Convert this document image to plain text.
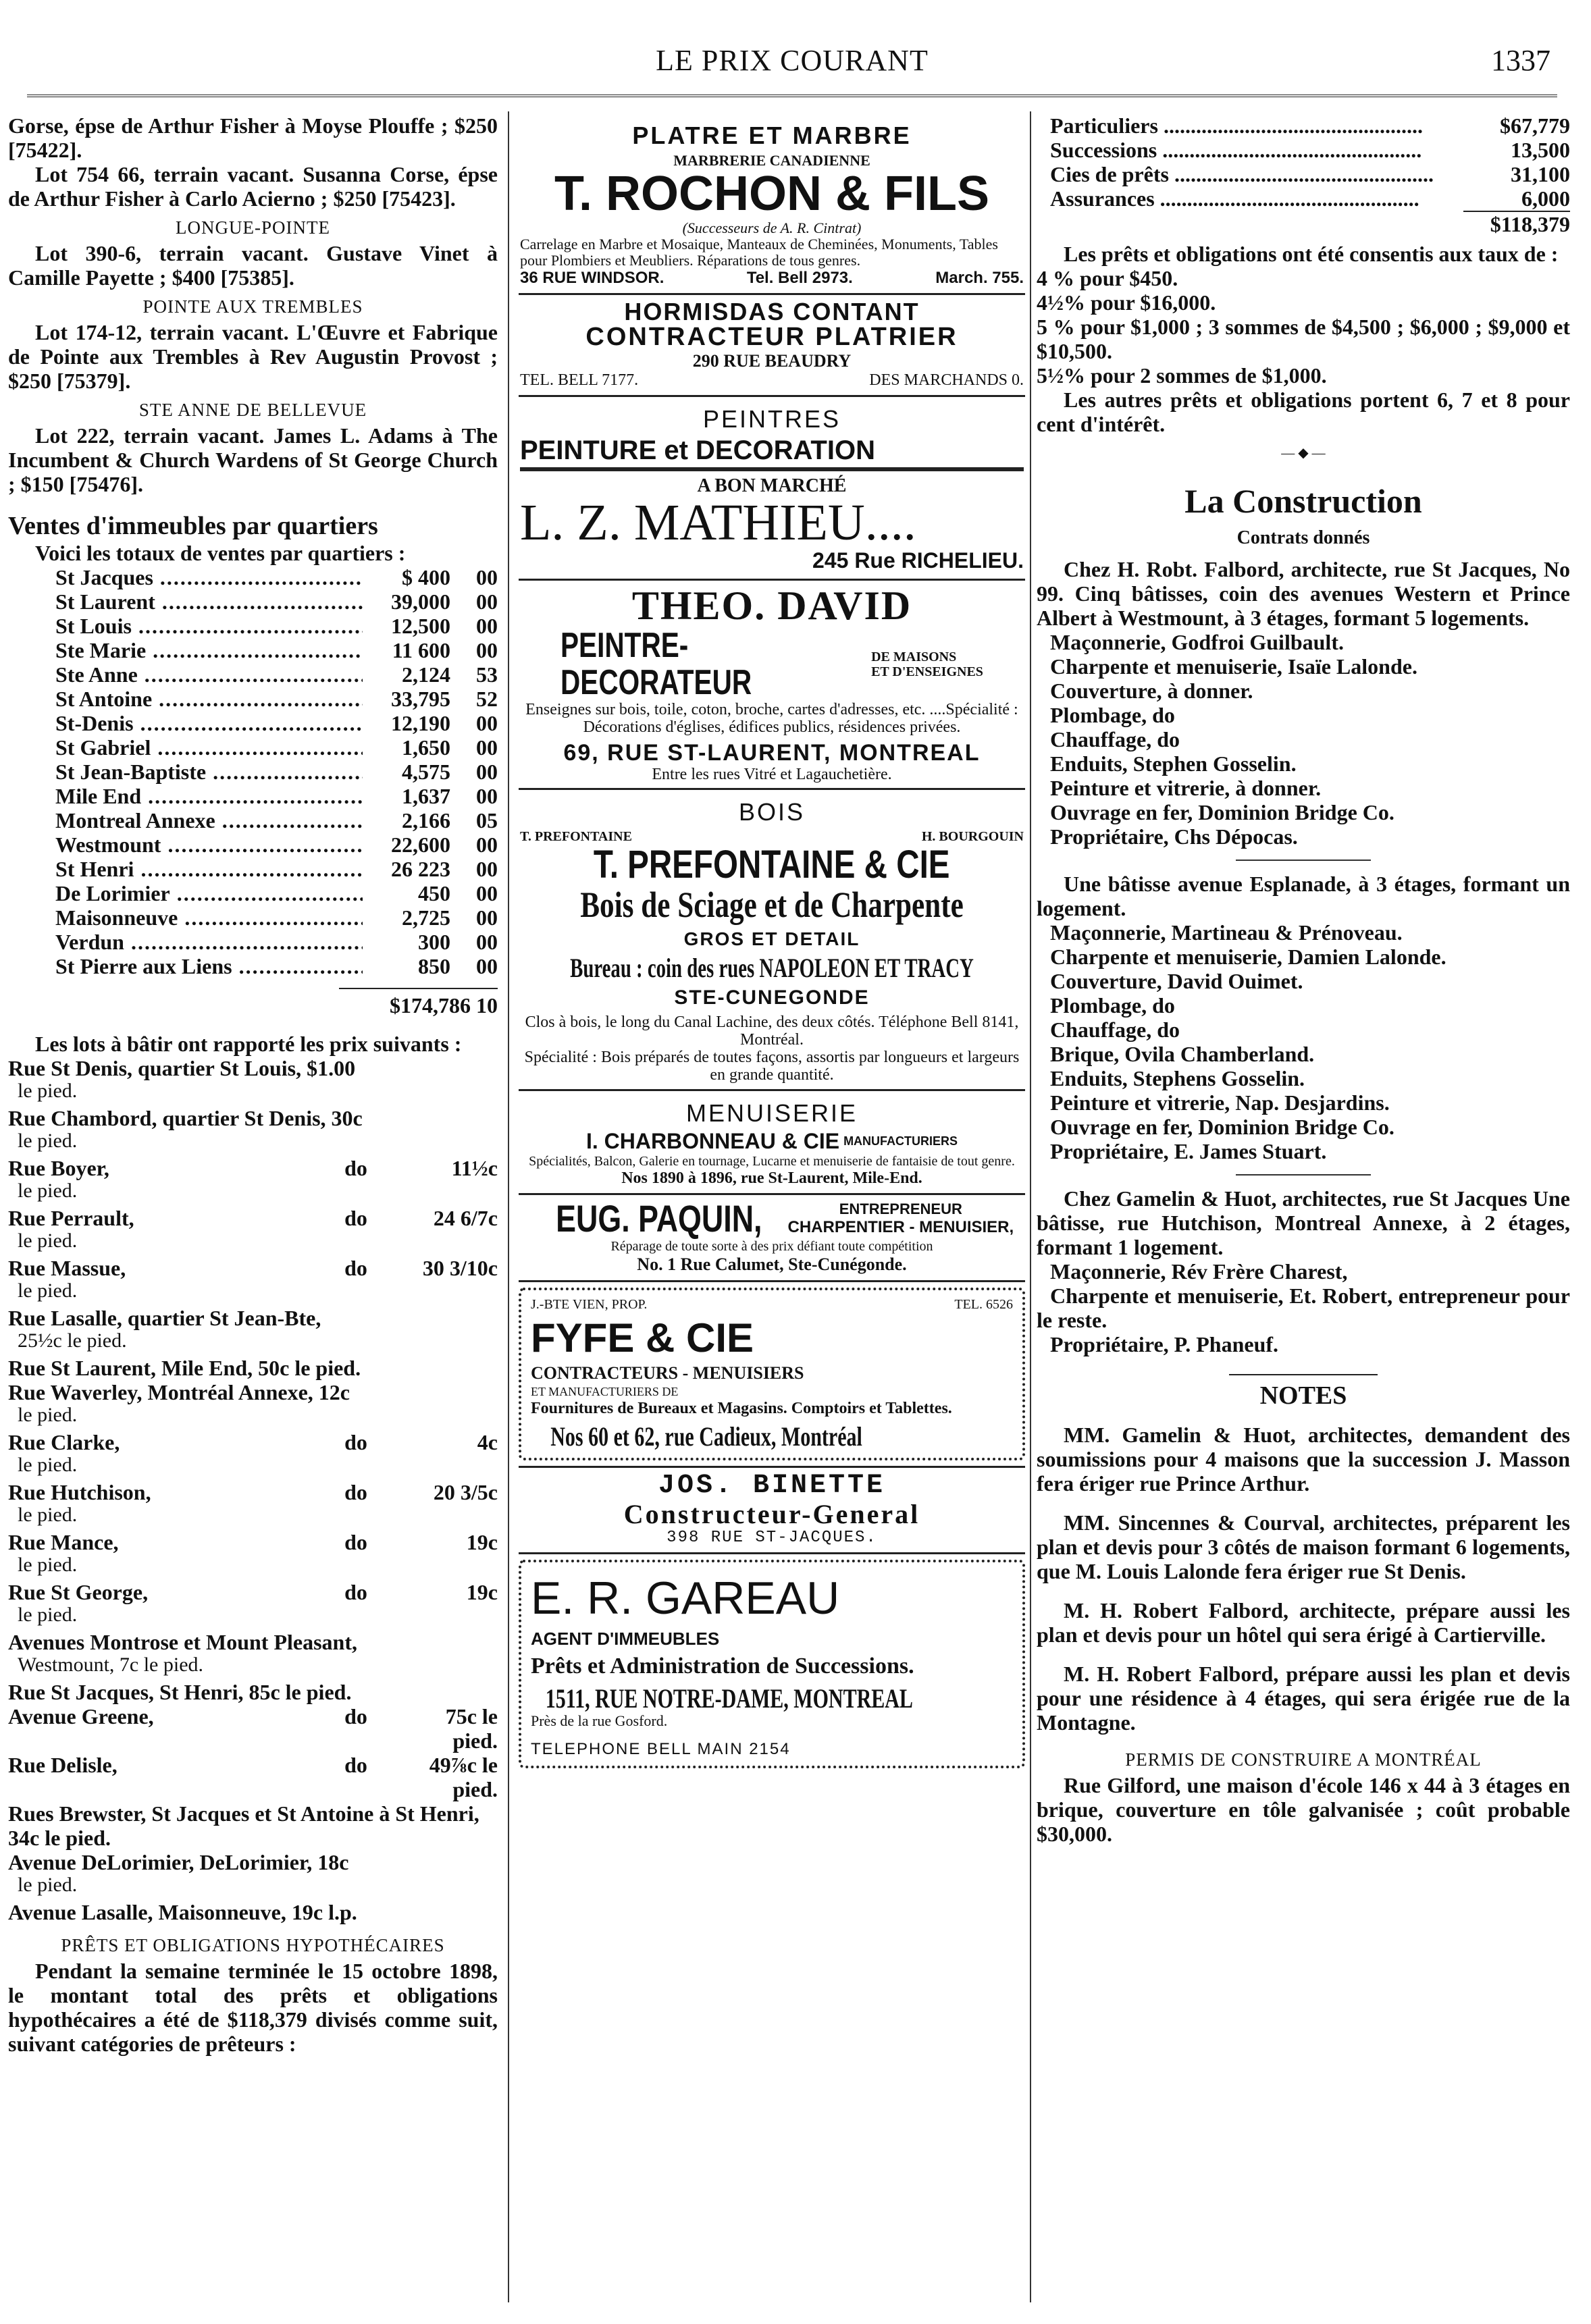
LE PRIX COURANT	1337

Gorse, épse de Arthur Fisher à Moyse Plouffe ; $250 [75422].

Lot 754 66, terrain vacant. Susanna Corse, épse de Arthur Fisher à Carlo Acierno ; $250 [75423].

LONGUE-POINTE

Lot 390-6, terrain vacant. Gustave Vinet à Camille Payette ; $400 [75385].

POINTE AUX TREMBLES

Lot 174-12, terrain vacant. L'Œuvre et Fabrique de Pointe aux Trembles à Rev Augustin Provost ; $250 [75379].

STE ANNE DE BELLEVUE

Lot 222, terrain vacant. James L. Adams à The Incumbent & Church Wardens of St George Church ; $150 [75476].

Ventes d'immeubles par quartiers

Voici les totaux de ventes par quartiers :

St Jacques .....	$ 400	00
St Laurent .....	39,000	00
St Louis .....	12,500	00
Ste Marie .....	11 600	00
Ste Anne .....	2,124	53
St Antoine .....	33,795	52
St-Denis .....	12,190	00
St Gabriel .....	1,650	00
St Jean-Baptiste .....	4,575	00
Mile End .....	1,637	00
Montreal Annexe .....	2,166	05
Westmount .....	22,600	00
St Henri .....	26 223	00
De Lorimier .....	450	00
Maisonneuve .....	2,725	00
Verdun .....	300	00
St Pierre aux Liens .....	850	00
$174,786 10

Les lots à bâtir ont rapporté les prix suivants :

Rue St Denis, quartier St Louis, $1.00
le pied.
Rue Chambord, quartier St Denis, 30c
le pied.
Rue Boyer,	do	11½c
le pied.
Rue Perrault,	do	24 6/7c
le pied.
Rue Massue,	do	30 3/10c
le pied.
Rue Lasalle, quartier St Jean-Bte,
25½c le pied.
Rue St Laurent, Mile End, 50c le pied.
Rue Waverley, Montréal Annexe, 12c
le pied.
Rue Clarke,	do	4c
le pied.
Rue Hutchison,	do	20 3/5c
le pied.
Rue Mance,	do	19c
le pied.
Rue St George,	do	19c
le pied.
Avenues Montrose et Mount Pleasant,
Westmount, 7c le pied.
Rue St Jacques, St Henri, 85c le pied.
Avenue Greene,	do	75c le pied.
Rue Delisle,	do	49⅞c le pied.
Rues Brewster, St Jacques et St Antoine à St Henri, 34c le pied.
Avenue DeLorimier, DeLorimier, 18c
le pied.
Avenue Lasalle, Maisonneuve, 19c l.p.
PRÊTS ET OBLIGATIONS HYPOTHÉCAIRES

Pendant la semaine terminée le 15 octobre 1898, le montant total des prêts et obligations hypothécaires a été de $118,379 divisés comme suit, suivant catégories de prêteurs :

PLATRE ET MARBRE
MARBRERIE CANADIENNE
T. ROCHON & FILS
(Successeurs de A. R. Cintrat)
Carrelage en Marbre et Mosaique, Manteaux de Cheminées, Monuments, Tables pour Plombiers et Meubliers. Réparations de tous genres.
36 RUE WINDSOR.	Tel. Bell 2973.	March. 755.
HORMISDAS CONTANT
CONTRACTEUR PLATRIER
290 RUE BEAUDRY
TEL. BELL 7177.	DES MARCHANDS 0.
PEINTRES
PEINTURE et DECORATION
A BON MARCHÉ
L. Z. MATHIEU....
245 Rue RICHELIEU.
THEO. DAVID
PEINTRE-DECORATEUR
DE MAISONS
ET D'ENSEIGNES
Enseignes sur bois, toile, coton, broche, cartes d'adresses, etc. ....Spécialité : Décorations d'églises, édifices publics, résidences privées.
69, RUE ST-LAURENT, MONTREAL
Entre les rues Vitré et Lagauchetière.
BOIS
T. PREFONTAINE	H. BOURGOUIN
T. PREFONTAINE & CIE
Bois de Sciage et de Charpente
GROS ET DETAIL
Bureau : coin des rues NAPOLEON ET TRACY
STE-CUNEGONDE
Clos à bois, le long du Canal Lachine, des deux côtés. Téléphone Bell 8141, Montréal.
Spécialité : Bois préparés de toutes façons, assortis par longueurs et largeurs en grande quantité.
MENUISERIE
I. CHARBONNEAU & CIE MANUFACTURIERS
Spécialités, Balcon, Galerie en tournage, Lucarne et menuiserie de fantaisie de tout genre.
Nos 1890 à 1896, rue St-Laurent, Mile-End.
EUG. PAQUIN,	ENTREPRENEUR
CHARPENTIER - MENUISIER,
Réparage de toute sorte à des prix défiant toute compétition
No. 1 Rue Calumet, Ste-Cunégonde.
J.-BTE VIEN, PROP.	TEL. 6526
FYFE & CIE
CONTRACTEURS - MENUISIERS
ET MANUFACTURIERS DE
Fournitures de Bureaux et Magasins. Comptoirs et Tablettes.
Nos 60 et 62, rue Cadieux, Montréal
JOS. BINETTE
Constructeur-General
398 RUE ST-JACQUES.
E. R. GAREAU
AGENT D'IMMEUBLES
Prêts et Administration de Successions.
1511, RUE NOTRE-DAME, MONTREAL
Près de la rue Gosford.
TELEPHONE BELL MAIN 2154
Particuliers .....	$67,779
Successions .....	13,500
Cies de prêts .....	31,100
Assurances .....	6,000
$118,379

Les prêts et obligations ont été consentis aux taux de :

4 % pour $450.

4½% pour $16,000.

5 % pour $1,000 ; 3 sommes de $4,500 ; $6,000 ; $9,000 et $10,500.

5½% pour 2 sommes de $1,000.

Les autres prêts et obligations portent 6, 7 et 8 pour cent d'intérêt.

— ◆ —
La Construction
Contrats donnés

Chez H. Robt. Falbord, architecte, rue St Jacques, No 99. Cinq bâtisses, coin des avenues Western et Prince Albert à Westmount, à 3 étages, formant 5 logements.

Maçonnerie, Godfroi Guilbault.

Charpente et menuiserie, Isaïe Lalonde.

Couverture, à donner.

Plombage, do

Chauffage, do

Enduits, Stephen Gosselin.

Peinture et vitrerie, à donner.

Ouvrage en fer, Dominion Bridge Co.

Propriétaire, Chs Dépocas.

Une bâtisse avenue Esplanade, à 3 étages, formant un logement.

Maçonnerie, Martineau & Prénoveau.

Charpente et menuiserie, Damien Lalonde.

Couverture, David Ouimet.

Plombage, do

Chauffage, do

Brique, Ovila Chamberland.

Enduits, Stephens Gosselin.

Peinture et vitrerie, Nap. Desjardins.

Ouvrage en fer, Dominion Bridge Co.

Propriétaire, E. James Stuart.

Chez Gamelin & Huot, architectes, rue St Jacques Une bâtisse, rue Hutchison, Montreal Annexe, à 2 étages, formant 1 logement.

Maçonnerie, Rév Frère Charest,

Charpente et menuiserie, Et. Robert, entrepreneur pour le reste.

Propriétaire, P. Phaneuf.

NOTES

MM. Gamelin & Huot, architectes, demandent des soumissions pour 4 maisons que la succession J. Masson fera ériger rue Prince Arthur.

MM. Sincennes & Courval, architectes, préparent les plan et devis pour 3 côtés de maison formant 6 logements, que M. Louis Lalonde fera ériger rue St Denis.

M. H. Robert Falbord, architecte, prépare aussi les plan et devis pour un hôtel qui sera érigé à Cartierville.

M. H. Robert Falbord, prépare aussi les plan et devis pour une résidence à 4 étages, qui sera érigée rue de la Montagne.

PERMIS DE CONSTRUIRE A MONTRÉAL

Rue Gilford, une maison d'école 146 x 44 à 3 étages en brique, couverture en tôle galvanisée ; coût probable $30,000.
